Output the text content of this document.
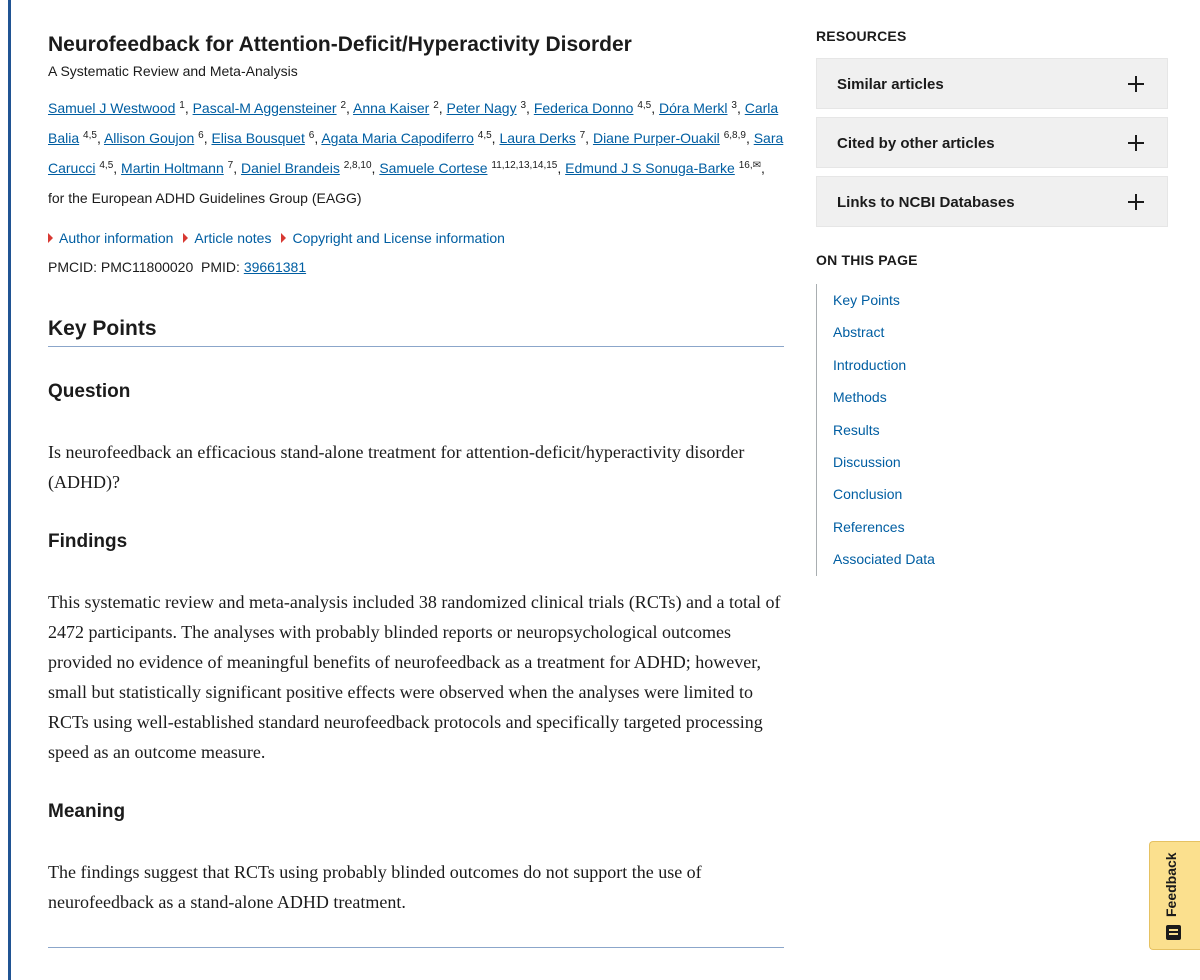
Neurofeedback for Attention-Deficit/Hyperactivity Disorder
A Systematic Review and Meta-Analysis
Samuel J Westwood $^1$, Pascal-M Aggensteiner $^2$, Anna Kaiser $^2$, Peter Nagy $^3$, Federica Donno $^{4,5}$, Dóra Merkl $^3$, Carla Balia $^{4,5}$, Allison Goujon $^6$, Elisa Bousquet $^6$, Agata Maria Capodiferro $^{4,5}$, Laura Derks $^7$, Diane Purper-Ouakil $^{6,8,9}$, Sara Carucci $^{4,5}$, Martin Holtmann $^7$, Daniel Brandeis $^{2,8,10}$, Samuele Cortese $^{11,12,13,14,15}$, Edmund J S Sonuga-Barke $^{16,✉}$, for the European ADHD Guidelines Group (EAGG)
Author information Article notes Copyright and License information
PMCID: PMC11800020 PMID: 39661381
Key Points
Question

Is neurofeedback an efficacious stand-alone treatment for attention-deficit/hyperactivity disorder (ADHD)?

Findings

This systematic review and meta-analysis included 38 randomized clinical trials (RCTs) and a total of 2472 participants. The analyses with probably blinded reports or neuropsychological outcomes provided no evidence of meaningful benefits of neurofeedback as a treatment for ADHD; however, small but statistically significant positive effects were observed when the analyses were limited to RCTs using well-established standard neurofeedback protocols and specifically targeted processing speed as an outcome measure.

Meaning

The findings suggest that RCTs using probably blinded outcomes do not support the use of neurofeedback as a stand-alone ADHD treatment.

RESOURCES
Similar articles
Cited by other articles
Links to NCBI Databases
ON THIS PAGE
Key Points
Abstract
Introduction
Methods
Results
Discussion
Conclusion
References
Associated Data
Feedback
